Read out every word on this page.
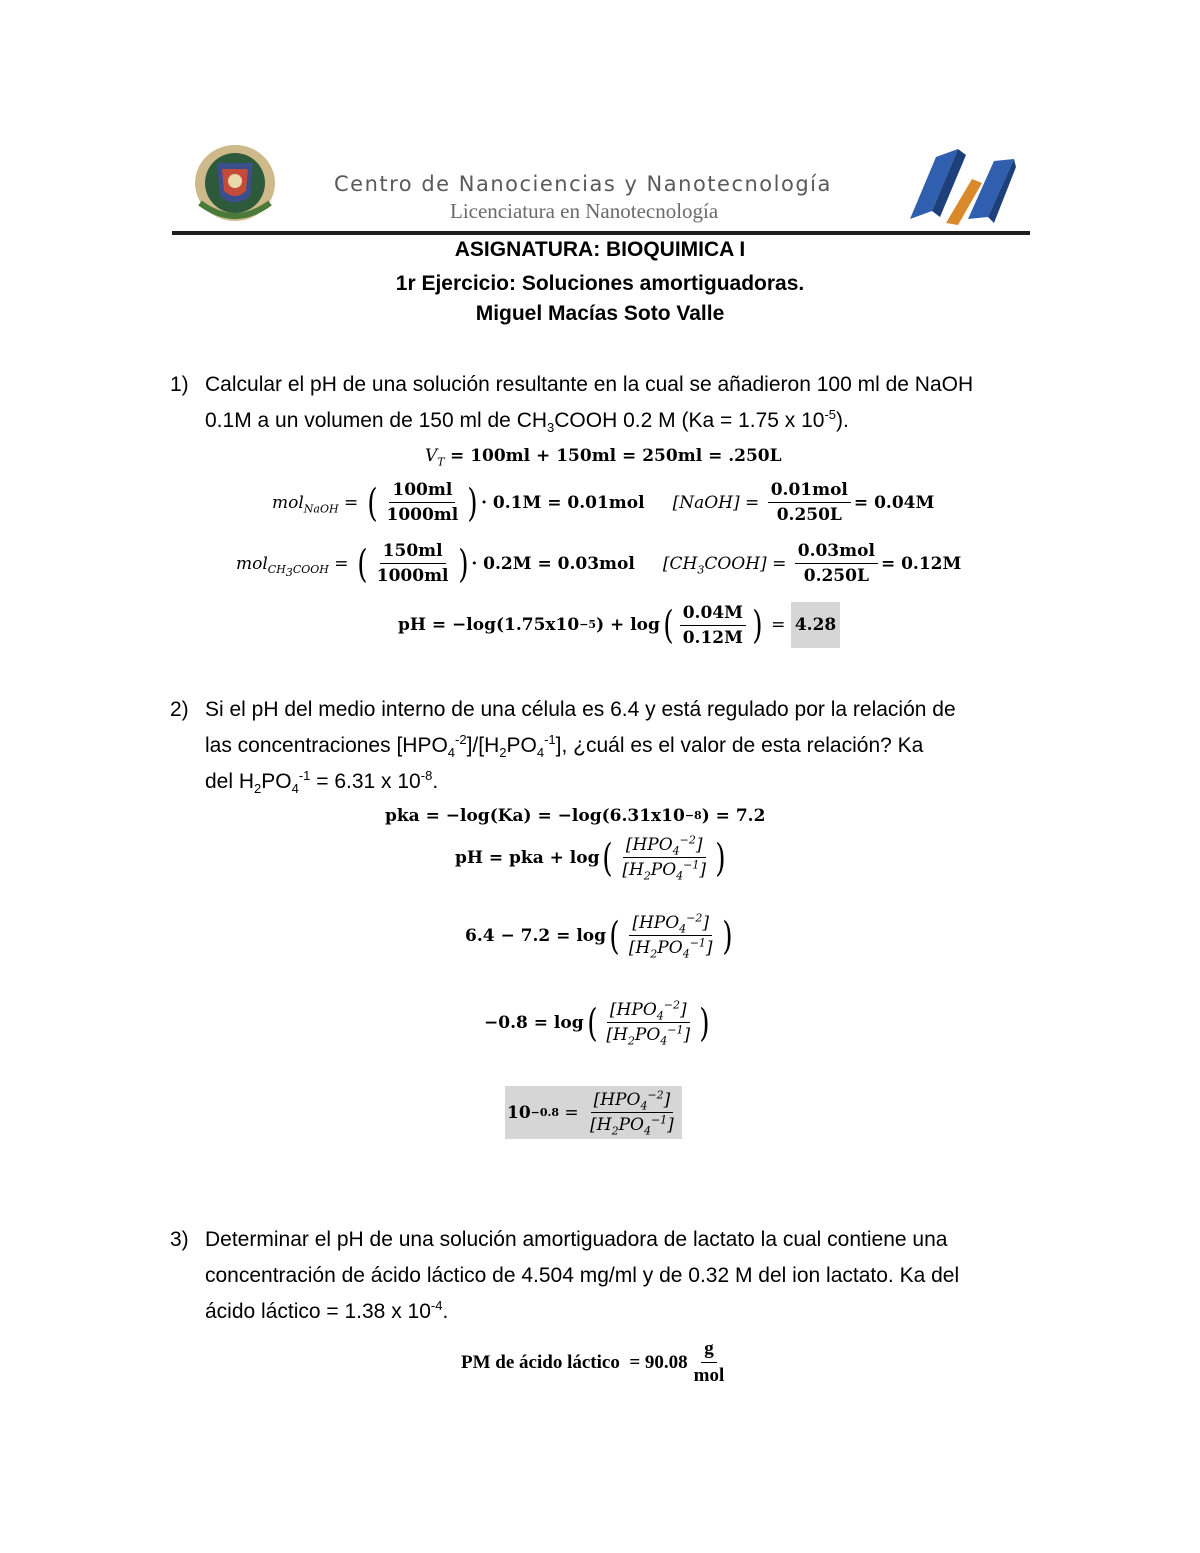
Centro de Nanociencias y Nanotecnología
Licenciatura en Nanotecnología
ASIGNATURA: BIOQUIMICA I
1r Ejercicio: Soluciones amortiguadoras.
Miguel Macías Soto Valle
1) Calcular el pH de una solución resultante en la cual se añadieron 100 ml de NaOH
0.1M a un volumen de 150 ml de $CH_3COOH$ 0.2 M (Ka = 1.75 x $10^{-5}$).
$V_T$
= 100ml + 150ml = 250ml = .250L
mol$_{NaOH}$ = ( $\frac{100ml}{1000ml}$ ) · 0.1M = 0.01mol [NaOH] = $\frac{\text{0.01mol}}{0.250L} = 0.04M$
mol$_{CH_3COOH}$ = ( $\frac{150ml}{1000ml}$ ) · 0.2M = 0.03mol $[CH_3COOH] = \frac{\text{0.03mol}}{0.250L} = 0.12M$
pH = −log(1.75x10 −5 ) + log ( $\frac{0.04M}{0.12M}$ ) = 4.28
2) Si el pH del medio interno de una célula es 6.4 y está regulado por la relación de
las concentraciones $[HPO_4^{-2}]/[H_2PO_4^{-1}]$, ¿cuál es el valor de esta relación? Ka
del $H_2PO_4^{-1} = 6.31$ x $10^{-8}$.
pka = −log(Ka) = −log(6.31x10 −8 ) = 7.2
pH = pka + log ( $\frac{[HPO_4^{-2}]}{[H_2PO_4^{-1}]}$ )
6.4 − 7.2 = log ( $\frac{[HPO_4^{-2}]}{[H_2PO_4^{-1}]}$ )
−0.8 = log ( $\frac{[HPO_4^{-2}]}{[H_2PO_4^{-1}]}$ )
$10 -0.8 = \frac{[HPO_4^{-2}]}{[H_2PO_4^{-1}]}$
3) Determinar el pH de una solución amortiguadora de lactato la cual contiene una
concentración de ácido láctico de 4.504 mg/ml y de 0.32 M del ion lactato. Ka del
ácido láctico = 1.38 x $10^{-4}$.
PM de ácido láctico
= $90.08 \frac{g}{\text{mol}}$
